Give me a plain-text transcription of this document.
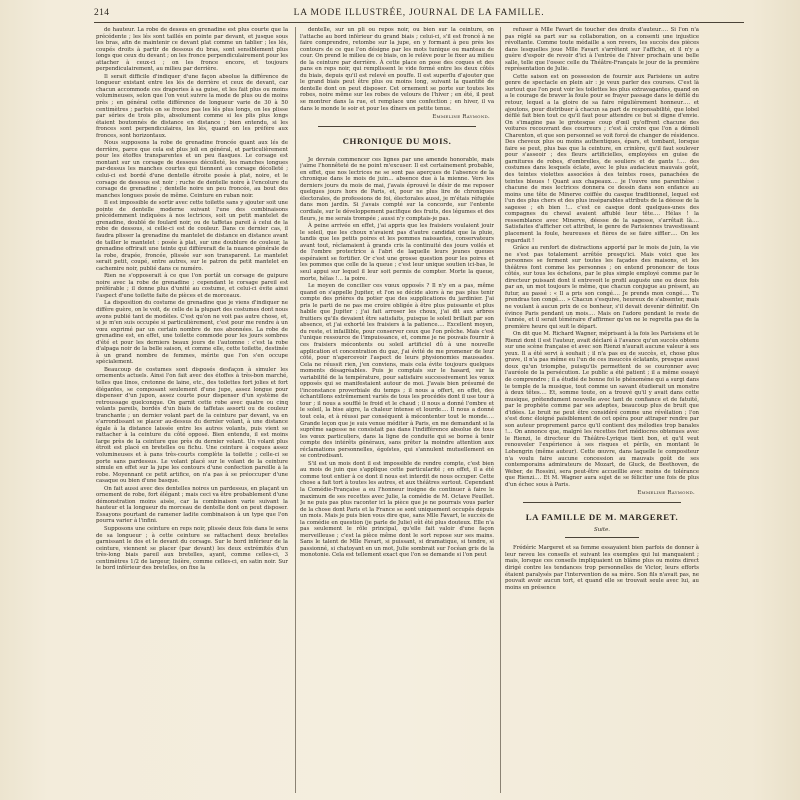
214	LA MODE ILLUSTRÉE, JOURNAL DE LA FAMILLE.

de hauteur. La robe de dessus en grenadine est plus courte que la précédente ; les lés sont taillés en pointe par devant, et jusque sous les bras, afin de maintenir ce devant plat comme un tablier ; les lés, coupés droits à partir de dessous du bras, sont sensiblement plus longs que ceux du devant ; on les fronce perpendiculairement pour les attacher à ceux-ci ; on les fronce encore, et toujours perpendiculairement, au milieu par derrière.

Il serait difficile d'indiquer d'une façon absolue la différence de longueur existant entre les lés de derrière et ceux de devant, car chacun accommode ces draperies à sa guise, et les fait plus ou moins volumineuses, selon que l'on veut suivre la mode de plus ou de moins près ; en général cette différence de longueur varie de 30 à 50 centimètres ; parfois on se fronce pas les lés plus longs, on les plisse par séries de trois plis, absolument comme si les plis plus longs étaient boutonnés de distance en distance ; bien entendu, si les fronces sont perpendiculaires, les lés, quand on les préfère aux fronces, sont horizontaux.

Nous supposons la robe de grenadine froncée quant aux lés de derrière, parce que cela est plus joli en général, et particulièrement pour les étoffes transparentes et un peu flasques. Le corsage est montant sur un corsage de dessous décolleté, les manches longues par-dessus les manches courtes qui tiennent au corsage décolleté ; celui-ci est bordé d'une dentelle étroite posée à plat, noire, et le corsage de dessous est noir ; ruche de dentelle noire à l'encolure du corsage de grenadine ; dentelle noire un peu froncée, au bout des manches longues posée de même. Ceinture en ruban noir.

Il est impossible de sortir avec cette toilette sans y ajouter soit une pointe de dentelle moderne suivant l'une des combinaisons précédemment indiquées à nos lectrices, soit un petit mantelet de grenadine, doublé de foulard noir, ou de taffetas pareil à celui de la robe de dessous, si celle-ci est de couleur. Dans ce dernier cas, il faudra plisser la grenadine du mantelet de distance en distance avant de tailler le mantelet : posée à plat, sur une doublure de couleur, la grenadine offrirait une teinte qui différerait de la nuance générale de la robe, drapée, froncée, plissée sur son transparent. Le mantelet serait petit, coupé, entre autres, sur le patron du petit mantelet en cachemire noir, publié dans ce numéro.

Rien ne s'opposerait à ce que l'on portât un corsage de guipure noire avec la robe de grenadine ; cependant le corsage pareil est préférable ; il donne plus d'unité au costume, et celui-ci évite ainsi l'aspect d'une toilette faite de pièces et de morceaux.

La disposition du costume de grenadine que je viens d'indiquer ne diffère guère, on le voit, de celle de la plupart des costumes dont nous avons publié tant de modèles. C'est qu'on ne voit pas autre chose, et, si je m'en suis occupée si particulièrement, c'est pour me rendre à un vœu exprimé par un certain nombre de nos abonnées. La robe de grenadine est, en effet, une toilette commode pour les jours sombres d'été et pour les derniers beaux jours de l'automne : c'est la robe d'alpaga noir de la belle saison, et comme elle, cette toilette, destinée à un grand nombre de femmes, mérite que l'on s'en occupe spécialement.

Beaucoup de costumes sont disposés desfaçon à simuler les ornements actuels. Ainsi l'on fait avec des étoffes à très-bon marché, telles que linos, cretonne de laine, etc., des toilettes fort jolies et fort élégantes, se composant seulement d'une jupe, assez longue pour dispenser d'un jupon, assez courte pour dispenser d'un système de retroussage quelconque. On garnit cette robe avec quatre ou cinq volants pareils, bordés d'un biais de taffetas assorti ou de couleur tranchante ; un dernier volant part de la ceinture par devant, va en s'arrondissant se placer au-dessus du dernier volant, à une distance égale à la distance laissée entre les autres volants, puis vient se rattacher à la ceinture du côté opposé. Bien entendu, il est moins large près de la ceinture que près du dernier volant. Un volant plus étroit est placé en bretelles ou fichu. Une ceinture à coques assez volumineuses et à pans très-courts complète la toilette ; celle-ci se porte sans pardessus. Le volant placé sur le volant de la ceinture simule en effet sur la jupe les contours d'une confection pareille à la robe. Moyennant ce petit artifice, on n'a pas à se préoccuper d'une casaque ou bien d'une basque.

On fait aussi avec des dentelles noires un pardessus, en plaçant un ornement de robe, fort élégant ; mais ceci va être probablement d'une démonstration moins aisée, car la combinaison varie suivant la hauteur et la longueur du morceau de dentelle dont on peut disposer. Essayons pourtant de ramener ladite combinaison à un type que l'on pourra varier à l'infini.

Supposons une ceinture en reps noir, plissée deux fois dans le sens de sa longueur ; à cette ceinture se rattachent deux bretelles garnissant le dos et le devant du corsage. Sur le bord inférieur de la ceinture, viennent se placer (par devant) les deux extrémités d'un très-long biais pareil aux bretelles, ayant, comme celles-ci, 3 centimètres 1/2 de largeur, lisière, comme celles-ci, en satin noir. Sur le bord inférieur des bretelles, on fixe la

dentelle, sur un pli ou repos noir, ou bien sur la ceinture, on l'attache au bord inférieur du grand biais ; celui-ci, s'il est froncé à ne faire comprendre, retombe sur la jupe, en y formant à peu près les contours de ce que l'on désigne par les mots tunique ou manteau de cour. On prend le milieu de ce biais, on le relève pour le fixer au milieu de la ceinture par derrière. À cette place on pose des coques et des pans en reps noir, qui remplissent le vide formé entre les deux côtés du biais, depuis qu'il est relevé en pouffe. Il est superflu d'ajouter que le grand biais peut être plus ou moins long, suivant la quantité de dentelle dont on peut disposer. Cet ornement se porte sur toutes les robes, noire même sur les robes de velours de l'hiver ; en été, il peut se montrer dans la rue, et remplace une confection ; en hiver, il va dans le monde le soir et pour les dîners en petite tenue.

Emmeline Raymond.
CHRONIQUE DU MOIS.

Je devrais commencer ces lignes par une amende honorable, mais j'aime l'honnêteté de ne point m'excuser. Il est certainement probable, en effet, que nos lectrices ne se sont pas aperçues de l'absence de la chronique dans le mois de juin… absence due à la mienne. Vers les derniers jours du mois de mai, j'avais éprouvé le désir de me reposer quelques jours hors de Paris, et, pour ne plus lire de chroniques électorales, de professions de foi, électorales aussi, je m'étais réfugiée dans mon jardin. Si j'avais compté sur la concorde, sur l'entente cordiale, sur le développement pacifique des fruits, des légumes et des fleurs, je me serais trompée ; aussi n'y comptais-je pas.

À peine arrivée en effet, j'ai appris que les fraisiers voulaient jouir le soleil, que les choux n'avaient pas d'autre candidat que la pluie, tandis que les petits poires et les pommes naissantes, conservateurs avant tout, réclamaient à grands cris la continuité des jours voilés et de l'ombre protectrice à l'abri de laquelle leurs jeunes queues espéraient se fortifier. Or c'est une grosse question pour les poires et les pommes que celle de la queue ; c'est leur unique soutien ici-bas, le seul appui sur lequel il leur soit permis de compter. Morte la queue, morte, hélas !… la poire.

Le moyen de concilier ces vœux opposés ? Il n'y en a pas, même quand on s'appelle Jupiter, et l'on se décide alors à ne pas plus tenir compte des prières du potier que des supplications du jardinier. J'ai pris le parti de ne pas me croire obligée à être plus puissante et plus habile que Jupiter ; j'ai fait arroser les choux, j'ai dit aux arbres fruitiers qu'ils devaient être satisfaits, puisque le soleil brillait par son absence, et j'ai exhorté les fraisiers à la patience…. Excellent moyen, du reste, et infaillible, pour conserver ceux que l'on prêche. Mais c'est l'unique ressource de l'impuissance, et, comme je ne pouvais fournir à ces fraisiers mécontents ou soleil artificiel dû à une nouvelle application et concentration du gaz, j'ai évité de me promener de leur côté, pour n'apercevoir l'aspect de leurs physionomies maussades. Cela ne réussit rien, j'en conviens, mais cela évite toujours quelques moments désagréables. Puis je comptais sur le hasard, sur la variabilité de la température, pour satisfaire successivement les vœux opposés qui se manifestaient autour de moi. J'avais bien présumé de l'inconstance proverbiale du temps ; il nous a offert, en effet, des échantillons extrêmement variés de tous les procédés dont il use tour à tour ; il nous a soufflé le froid et le chaud ; il nous a donné l'ombre et le soleil, la bise aigre, la chaleur intense et lourde…. Il nous a donné tout cela, et à réussi par conséquent à mécontenter tout le monde…. Grande leçon que je suis venue méditer à Paris, en me demandant si la suprême sagesse ne consistait pas dans l'indifférence absolue de tous les vœux particuliers, dans la ligne de conduite qui se borne à tenir compte des intérêts généraux, sans prêter la moindre attention aux réclamations personnelles, égoïstes, qui s'annulent mutuellement en se contredisant.

S'il est un mois dont il est impossible de rendre compte, c'est bien au mois de juin que s'applique cette particularité ; en effet, il a été comme tout entier à ce dont il nous est interdit de nous occuper. Cette chose a fait tort à toutes les autres, et aux théâtres surtout. Cependant la Comédie-Française a eu l'honneur insigne de continuer à faire le maximum de ses recettes avec Julie, la comédie de M. Octave Feuillet. Je ne puis pas plus raconter ici la pièce que je ne pourrais vous parler de la chose dont Paris et la France se sont uniquement occupés depuis un mois. Mais je puis bien vous dire que, sans Mlle Favart, le succès de la comédie en question (je parle de Julie) eût été plus douteux. Elle n'a pas seulement le rôle principal, qu'elle fait valoir d'une façon merveilleuse ; c'est la pièce même dont le sort repose sur ses mains. Sans le talent de Mlle Favart, si puissant, si dramatique, si tendre, si passionné, si chatoyant en un mot, Julie sombrait sur l'océan gris de la monotonie. Cela est tellement exact que l'on se demande si l'on peut

refuser à Mlle Favart de toucher des droits d'auteur…. Si l'on n'a pas réglé sa part sur sa collaboration, on a consenti une injustice révoltante. Comme toute médaille a son revers, les succès des pièces dans lesquelles joue Mlle Favart s'arrêtent sur l'affiche, et il n'y a guère d'espoir de revoir d'ici à l'entrée de l'hiver prochain une belle salle, telle que l'ossec celle du Théâtre-Français le jour de la première représentation de Julie.

Cette saison est on possession de fournir aux Parisiens un autre genre de spectacle en plein air : je veux parler des courses. C'est là surtout que l'on peut voir les toilettes les plus extravagantes, quand on a le courage de braver la foule pour se frayer passage dans le défilé du retour, lequel a la gloire de sa faire régulièrement honneur…. et ajoutons, pour distribuer à chacun sa part de responsabilité, que lobel défilé fait bien tout ce qu'il faut pour attendre ce but si digne d'envie. On s'imagine pas le grotesque coup d'œil qu'offrent chacune des voitures recouvrant des courreurs ; c'est à croire que l'on a démoli Charenton, et que son personnel se voit forcé de changer de résidence. Des cheveux plus ou moins authentiques, épars, et tombant, lorsque faire se peut, plus bas que la ceinture, en crinière, qu'il faut soulever pour s'asseoir ; des fleurs artificielles, employées en guise de garnitures de robes, d'ombrelles, de souliers et de gants !…. des costumes dans lesquels éclate, avec le plus audacieux mauvais goût, des teintes violettes associées à des teintes roses, panachées de teintes bleues ! Quant aux chapeaux…. je l'ouvre une parenthèse : chacune de mes lectrices donnera ce dessin dans son enfance au moins une tête de Minerve coiffée du casque traditionnel, lequel est l'un des plus chers et des plus inséparables attributs de la déesse de la sagesse ; eh bien !… c'est ce casque dont quelques-unes des compagnes du cheval avaient affublé leur tête…. Hélas ! la ressemblance avec Minerve, déesse de la sagesse, s'arrêtait là…. Satisfaites d'afficher cet attribut, le genre de Parisiennes travestissant placement la foule, heureuses et fières de se faire siffler…. On les regardait !

Grâce au renfort de distractions apporté par le mois de juin, la vie ne s'est pas totalement arrêtée presqu'ici. Mais voici que les personnes se ferment sur toutes les façades des maisons, et les théâtres font comme les personnes ; on entend prononcer de tous côtés, sur tous les échelons, par le plus simple employé comme par le directeur puissant dont il entrevoit le profil auguste une ou deux fois par an, un mot toujours le même, que chacun conjugue au présent, au futur, au passé : « Il a pris son congé…. Je prends mon congé…. Tu prendras ton congé…. » Chacun s'esquive, heureux de s'absenter, mais ne voulant à aucun prix de ce bonheur, s'il devait devenir définitif. On évince Paris pendant un mois…. Mais on l'adore pendant le reste de l'année, et il serait téméraire d'affirmer qu'on ne le regretta pas de la première heure qui suit le départ.

On dit que M. Richard Wagner, méprisant à la fois les Parisiens et le Rienzi dont il est l'auteur, avait déclaré à l'avance qu'un succès obtenu sur une scène française et avec son Rienzi n'aurait aucune valeur à ses yeux. Il a été servi à souhait ; il n'a pas eu de succès, et, chose plus grave, il n'a pas même eu l'un de ces insuccès éclatants, presque aussi doux qu'un triomphe, puisqu'ils permettent de se couronner avec l'auréole de la persécution. Le public a été patient ; il a même essayé de comprendre ; il a étudié de bonne foi le phénomène qui a surgi dans le temple de la musique, tout comme un savant étudierait un monstre à deux têtes…. Et, somme toute, on a trouvé qu'il y avait dans cette musique, prétendument nouvelle avec tant de confiance et de fatuité, par le prophète comme par ses adeptes, beaucoup plus de bruit que d'idées. Le bruit ne peut être considéré comme une révélation ; l'on s'est donc éloigné paisiblement de cet opéra pour attraper rendre par son auteur proprement parce qu'il contient des mélodies trop banales !… On annonce que, malgré les recettes fort médiocres obtenues avec le Rienzi, le directeur du Théâtre-Lyrique tient bon, et qu'il veut renouveler l'expérience à ses risques et périls, en montant le Lohengrin (même auteur). Cette œuvre, dans laquelle le compositeur n'a voulu faire aucune concession au mauvais goût de ses contemporains admirateurs de Mozart, de Gluck, de Beethoven, de Weber, de Rossini, sera peut-être accueillie avec moins de tolérance que Rienzi…. Et M. Wagner aura sujet de se féliciter une fois de plus d'un échec sous à Paris.

Emmeline Raymond.
LA FAMILLE DE M. MARGERET.
Suite.

Frédéric Margeret et sa femme essayaient bien parfois de donner à leur neveu les conseils et suivant les exemples qui lui manquaient ; mais, lorsque ces conseils impliquaient un blâme plus ou moins direct dirigé contre les tendances trop personnelles de Victor, leurs efforts étaient paralysés par l'intervention de sa mère. Son fils n'avait pas, ne pouvait avoir aucun tort, et quand elle se trouvait seule avec lui, au moins en présence
